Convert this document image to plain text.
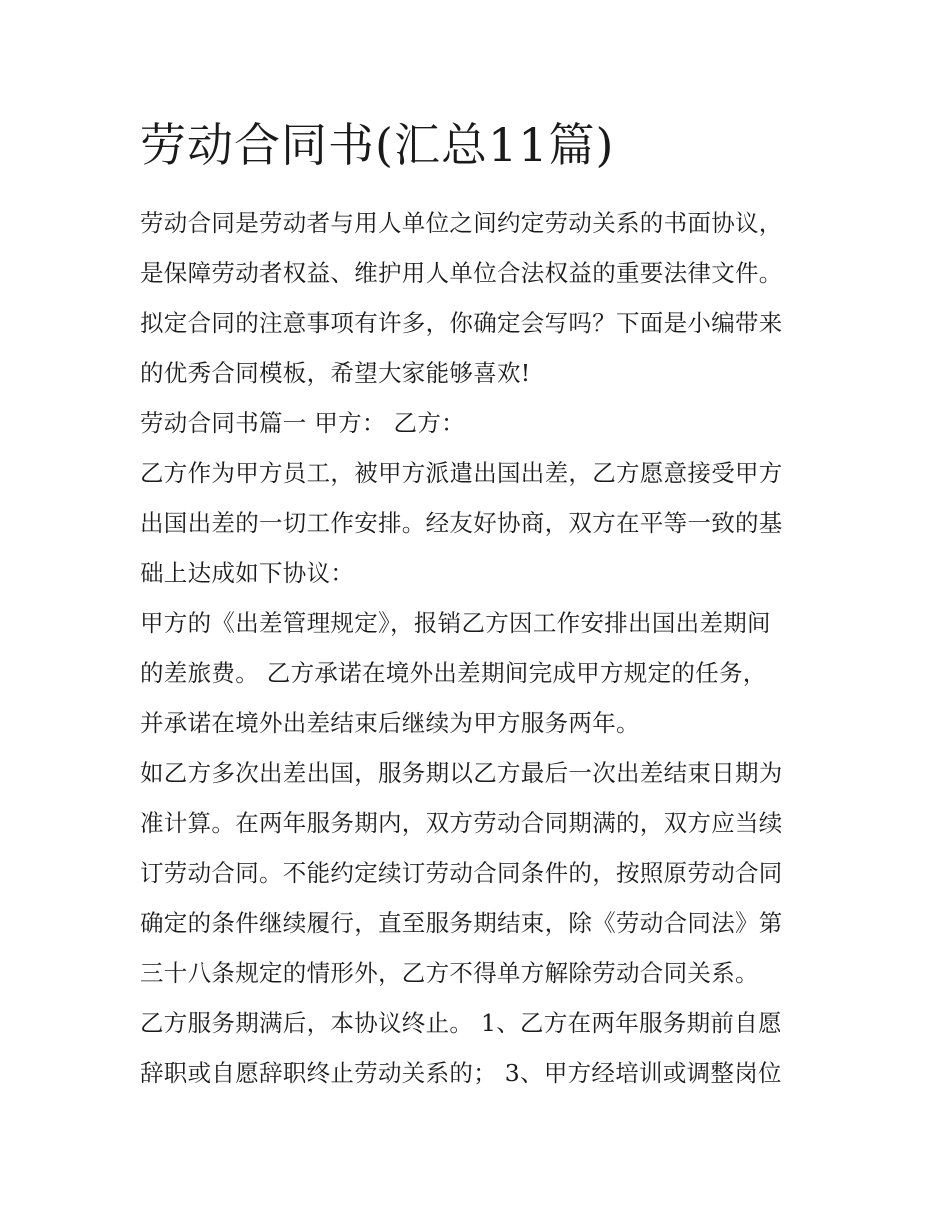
劳动合同书(汇总11篇)
劳动合同是劳动者与用人单位之间约定劳动关系的书面协议，
是保障劳动者权益、维护用人单位合法权益的重要法律文件。
拟定合同的注意事项有许多，你确定会写吗？下面是小编带来
的优秀合同模板，希望大家能够喜欢!
劳动合同书篇一 甲方： 乙方：
乙方作为甲方员工，被甲方派遣出国出差，乙方愿意接受甲方
出国出差的一切工作安排。经友好协商，双方在平等一致的基
础上达成如下协议：
甲方的《出差管理规定》，报销乙方因工作安排出国出差期间
的差旅费。 乙方承诺在境外出差期间完成甲方规定的任务，
并承诺在境外出差结束后继续为甲方服务两年。
如乙方多次出差出国，服务期以乙方最后一次出差结束日期为
准计算。在两年服务期内，双方劳动合同期满的，双方应当续
订劳动合同。不能约定续订劳动合同条件的，按照原劳动合同
确定的条件继续履行，直至服务期结束，除《劳动合同法》第
三十八条规定的情形外，乙方不得单方解除劳动合同关系。
乙方服务期满后，本协议终止。 1、乙方在两年服务期前自愿
辞职或自愿辞职终止劳动关系的； 3、甲方经培训或调整岗位
